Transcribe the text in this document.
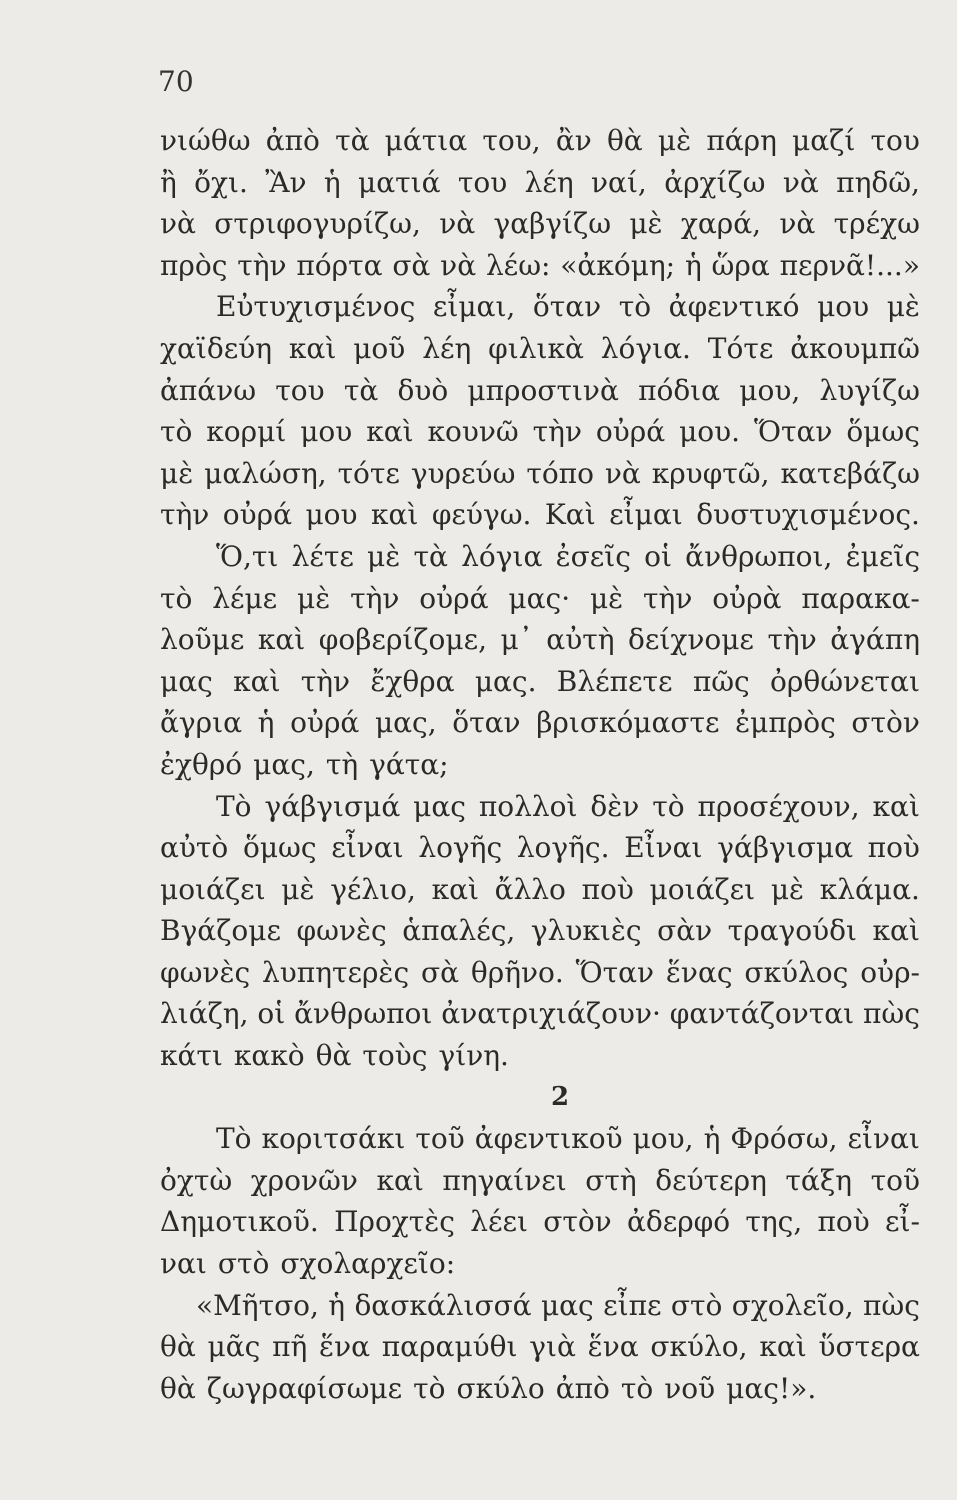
70
νιώθω ἀπὸ τὰ μάτια του, ἂν θὰ μὲ πάρη μαζί του
ἢ ὄχι. Ἂν ἡ ματιά του λέη ναί, ἀρχίζω νὰ πηδῶ,
νὰ στριφογυρίζω, νὰ γαβγίζω μὲ χαρά, νὰ τρέχω
πρὸς τὴν πόρτα σὰ νὰ λέω: «ἀκόμη; ἡ ὥρα περνᾶ!...»
Εὐτυχισμένος εἶμαι, ὅταν τὸ ἀφεντικό μου μὲ
χαϊδεύη καὶ μοῦ λέη φιλικὰ λόγια. Τότε ἀκουμπῶ
ἀπάνω του τὰ δυὸ μπροστινὰ πόδια μου, λυγίζω
τὸ κορμί μου καὶ κουνῶ τὴν οὐρά μου. Ὅταν ὅμως
μὲ μαλώση, τότε γυρεύω τόπο νὰ κρυφτῶ, κατεβάζω
τὴν οὐρά μου καὶ φεύγω. Καὶ εἶμαι δυστυχισμένος.
Ὅ,τι λέτε μὲ τὰ λόγια ἐσεῖς οἱ ἄνθρωποι, ἐμεῖς
τὸ λέμε μὲ τὴν οὐρά μας· μὲ τὴν οὐρὰ παρακα-
λοῦμε καὶ φοβερίζομε, μ᾽ αὐτὴ δείχνομε τὴν ἀγάπη
μας καὶ τὴν ἔχθρα μας. Βλέπετε πῶς ὀρθώνεται
ἄγρια ἡ οὐρά μας, ὅταν βρισκόμαστε ἐμπρὸς στὸν
ἐχθρό μας, τὴ γάτα;
Τὸ γάβγισμά μας πολλοὶ δὲν τὸ προσέχουν, καὶ
αὐτὸ ὅμως εἶναι λογῆς λογῆς. Εἶναι γάβγισμα ποὺ
μοιάζει μὲ γέλιο, καὶ ἄλλο ποὺ μοιάζει μὲ κλάμα.
Βγάζομε φωνὲς ἁπαλές, γλυκιὲς σὰν τραγούδι καὶ
φωνὲς λυπητερὲς σὰ θρῆνο. Ὅταν ἕνας σκύλος οὐρ-
λιάζη, οἱ ἄνθρωποι ἀνατριχιάζουν· φαντάζονται πὼς
κάτι κακὸ θὰ τοὺς γίνη.
2
Τὸ κοριτσάκι τοῦ ἀφεντικοῦ μου, ἡ Φρόσω, εἶναι
ὀχτὼ χρονῶν καὶ πηγαίνει στὴ δεύτερη τάξη τοῦ
Δημοτικοῦ. Προχτὲς λέει στὸν ἀδερφό της, ποὺ εἶ-
ναι στὸ σχολαρχεῖο:
«Μῆτσο, ἡ δασκάλισσά μας εἶπε στὸ σχολεῖο, πὼς
θὰ μᾶς πῆ ἕνα παραμύθι γιὰ ἕνα σκύλο, καὶ ὕστερα
θὰ ζωγραφίσωμε τὸ σκύλο ἀπὸ τὸ νοῦ μας!».
